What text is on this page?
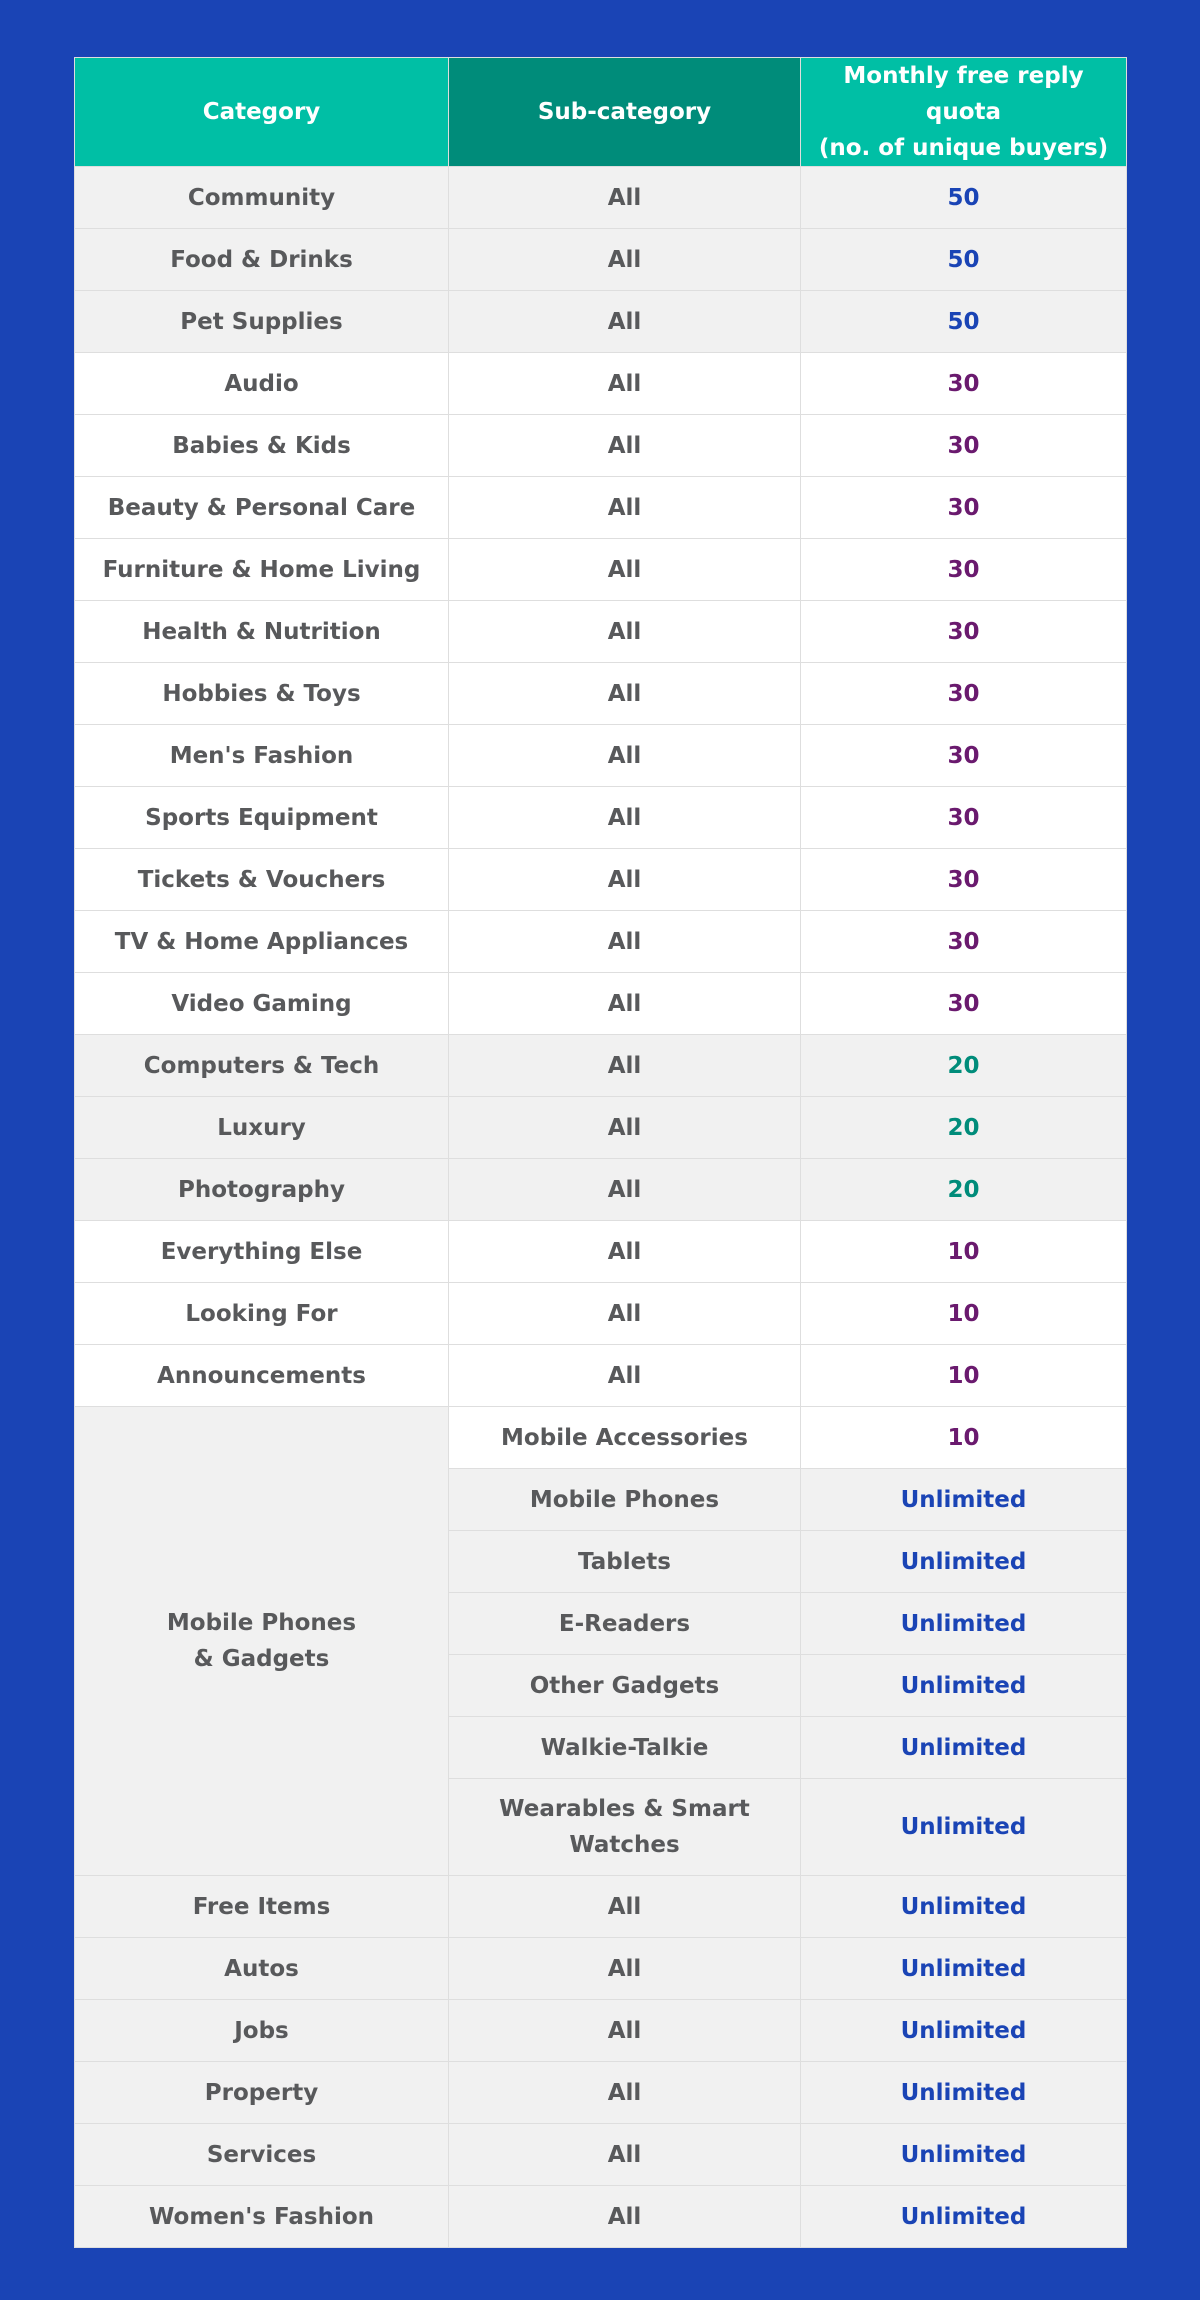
Category	Sub-category	Monthly free reply quota
(no. of unique buyers)
Community	All	50
Food & Drinks	All	50
Pet Supplies	All	50
Audio	All	30
Babies & Kids	All	30
Beauty & Personal Care	All	30
Furniture & Home Living	All	30
Health & Nutrition	All	30
Hobbies & Toys	All	30
Men's Fashion	All	30
Sports Equipment	All	30
Tickets & Vouchers	All	30
TV & Home Appliances	All	30
Video Gaming	All	30
Computers & Tech	All	20
Luxury	All	20
Photography	All	20
Everything Else	All	10
Looking For	All	10
Announcements	All	10
Mobile Phones
& Gadgets	Mobile Accessories	10
	Mobile Phones	Unlimited
	Tablets	Unlimited
	E-Readers	Unlimited
	Other Gadgets	Unlimited
	Walkie-Talkie	Unlimited
	Wearables & Smart Watches	Unlimited
Free Items	All	Unlimited
Autos	All	Unlimited
Jobs	All	Unlimited
Property	All	Unlimited
Services	All	Unlimited
Women's Fashion	All	Unlimited
